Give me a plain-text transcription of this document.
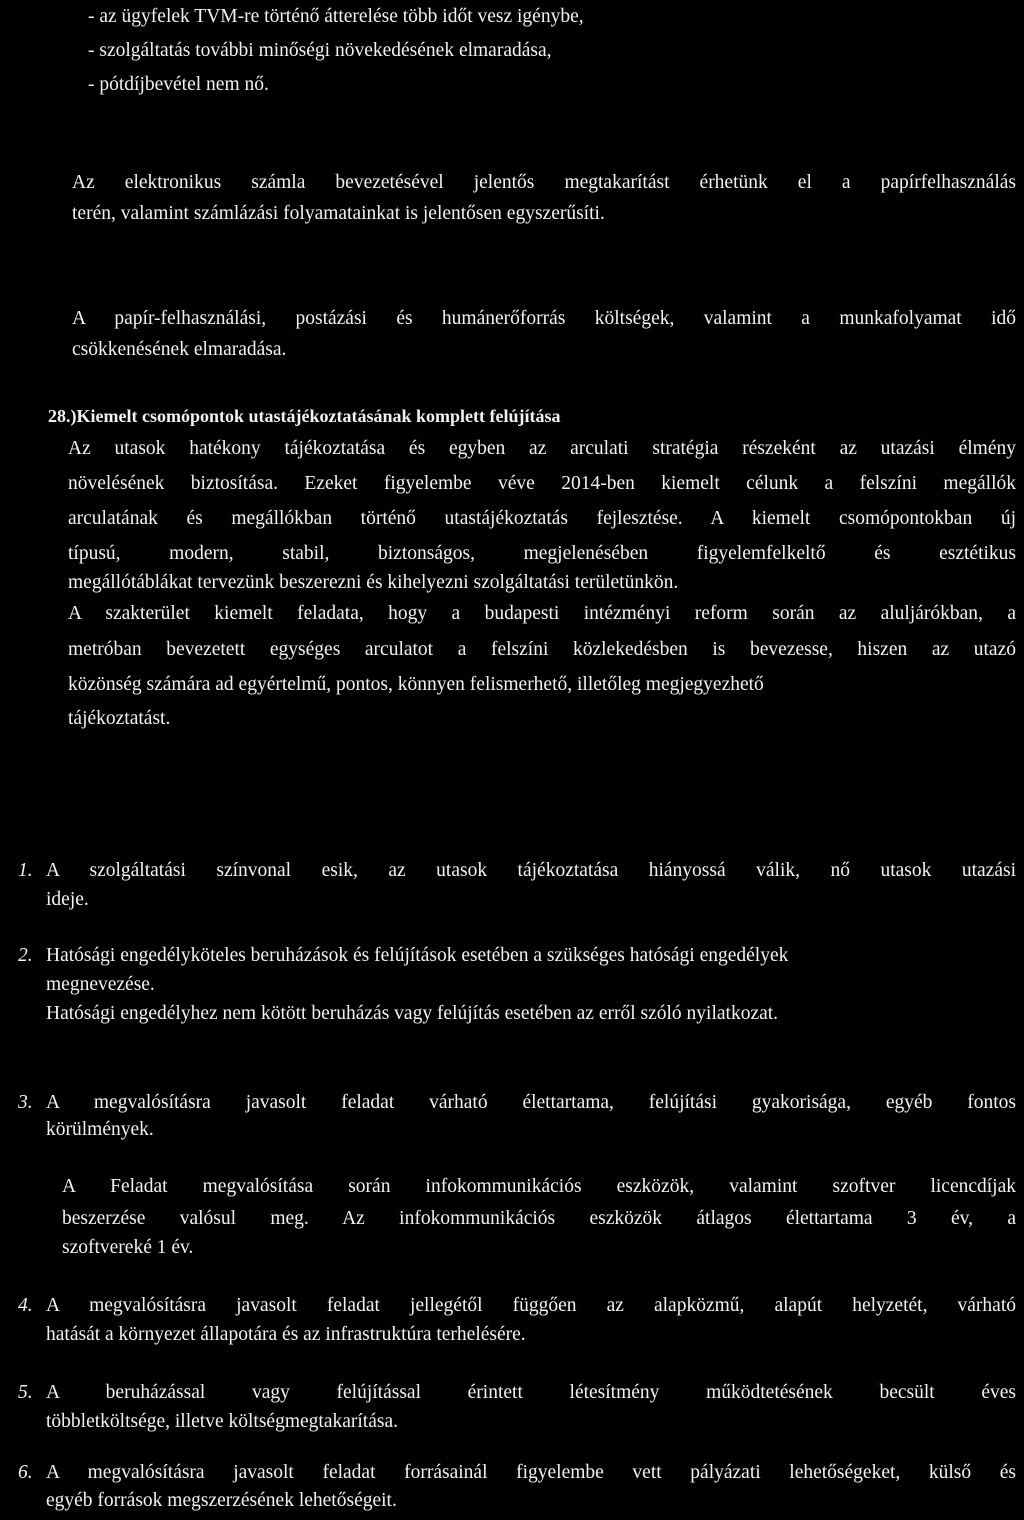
- az ügyfelek TVM-re történő átterelése több időt vesz igénybe,
- szolgáltatás további minőségi növekedésének elmaradása,
- pótdíjbevétel nem nő.
Az elektronikus számla bevezetésével jelentős megtakarítást érhetünk el a papírfelhasználás
terén, valamint számlázási folyamatainkat is jelentősen egyszerűsíti.
A papír-felhasználási, postázási és humánerőforrás költségek, valamint a munkafolyamat idő
csökkenésének elmaradása.
28.)Kiemelt csomópontok utastájékoztatásának komplett felújítása
Az utasok hatékony tájékoztatása és egyben az arculati stratégia részeként az utazási élmény
növelésének biztosítása. Ezeket figyelembe véve 2014-ben kiemelt célunk a felszíni megállók
arculatának és megállókban történő utastájékoztatás fejlesztése. A kiemelt csomópontokban új
típusú, modern, stabil, biztonságos, megjelenésében figyelemfelkeltő és esztétikus
megállótáblákat tervezünk beszerezni és kihelyezni szolgáltatási területünkön.
A szakterület kiemelt feladata, hogy a budapesti intézményi reform során az aluljárókban, a
metróban bevezetett egységes arculatot a felszíni közlekedésben is bevezesse, hiszen az utazó
közönség számára ad egyértelmű, pontos, könnyen felismerhető, illetőleg megjegyezhető
tájékoztatást.
1. A szolgáltatási színvonal esik, az utasok tájékoztatása hiányossá válik, nő utasok utazási
ideje.
2. Hatósági engedélyköteles beruházások és felújítások esetében a szükséges hatósági engedélyek
megnevezése.
Hatósági engedélyhez nem kötött beruházás vagy felújítás esetében az erről szóló nyilatkozat.
3. A megvalósításra javasolt feladat várható élettartama, felújítási gyakorisága, egyéb fontos
körülmények.
A Feladat megvalósítása során infokommunikációs eszközök, valamint szoftver licencdíjak
beszerzése valósul meg. Az infokommunikációs eszközök átlagos élettartama 3 év, a
szoftvereké 1 év.
4. A megvalósításra javasolt feladat jellegétől függően az alapközmű, alapút helyzetét, várható
hatását a környezet állapotára és az infrastruktúra terhelésére.
5. A beruházással vagy felújítással érintett létesítmény működtetésének becsült éves
többletköltsége, illetve költségmegtakarítása.
6. A megvalósításra javasolt feladat forrásainál figyelembe vett pályázati lehetőségeket, külső és
egyéb források megszerzésének lehetőségeit.
